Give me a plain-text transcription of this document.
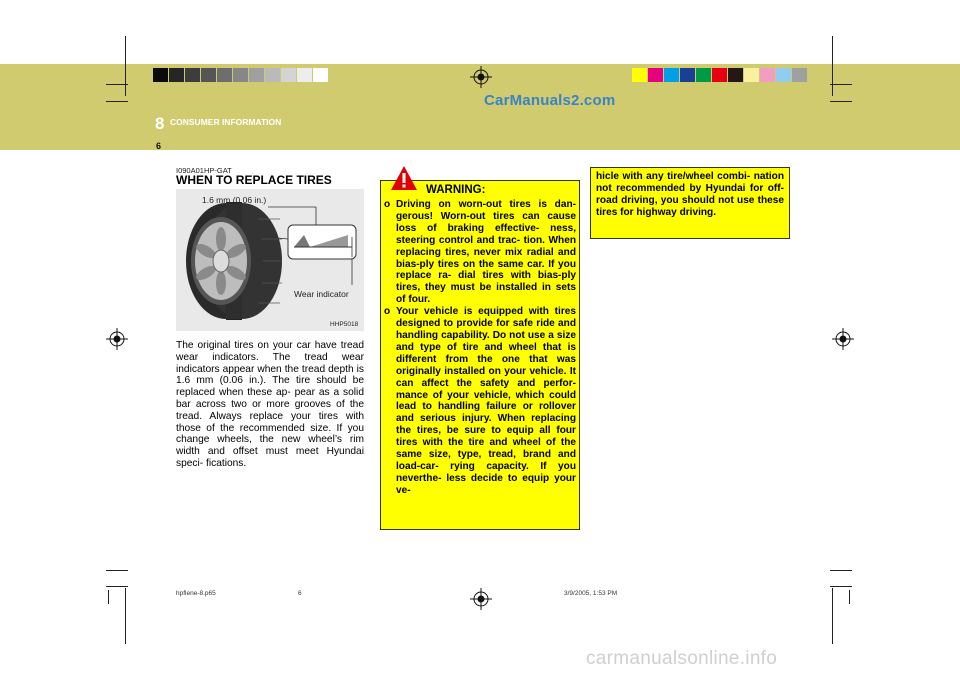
CarManuals2.com
8 CONSUMER INFORMATION
6
I090A01HP-GAT
WHEN TO REPLACE TIRES
1.6 mm (0.06 in.)
Wear indicator
HHP5018
The original tires on your car have tread wear indicators. The tread wear indicators appear when the tread depth is 1.6 mm (0.06 in.). The tire should be replaced when these ap- pear as a solid bar across two or more grooves of the tread. Always replace your tires with those of the recommended size. If you change wheels, the new wheel’s rim width and offset must meet Hyundai speci- fications.
WARNING:
o Driving on worn-out tires is dan- gerous! Worn-out tires can cause loss of braking effective- ness, steering control and trac- tion. When replacing tires, never mix radial and bias-ply tires on the same car. If you replace ra- dial tires with bias-ply tires, they must be installed in sets of four.
o Your vehicle is equipped with tires designed to provide for safe ride and handling capability. Do not use a size and type of tire and wheel that is different from the one that was originally installed on your vehicle. It can affect the safety and perfor- mance of your vehicle, which could lead to handling failure or rollover and serious injury. When replacing the tires, be sure to equip all four tires with the tire and wheel of the same size, type, tread, brand and load-car- rying capacity. If you neverthe- less decide to equip your ve-
hicle with any tire/wheel combi- nation not recommended by Hyundai for off-road driving, you should not use these tires for highway driving.
hpflene-8.p65	6	3/9/2005, 1:53 PM
carmanualsonline.info
